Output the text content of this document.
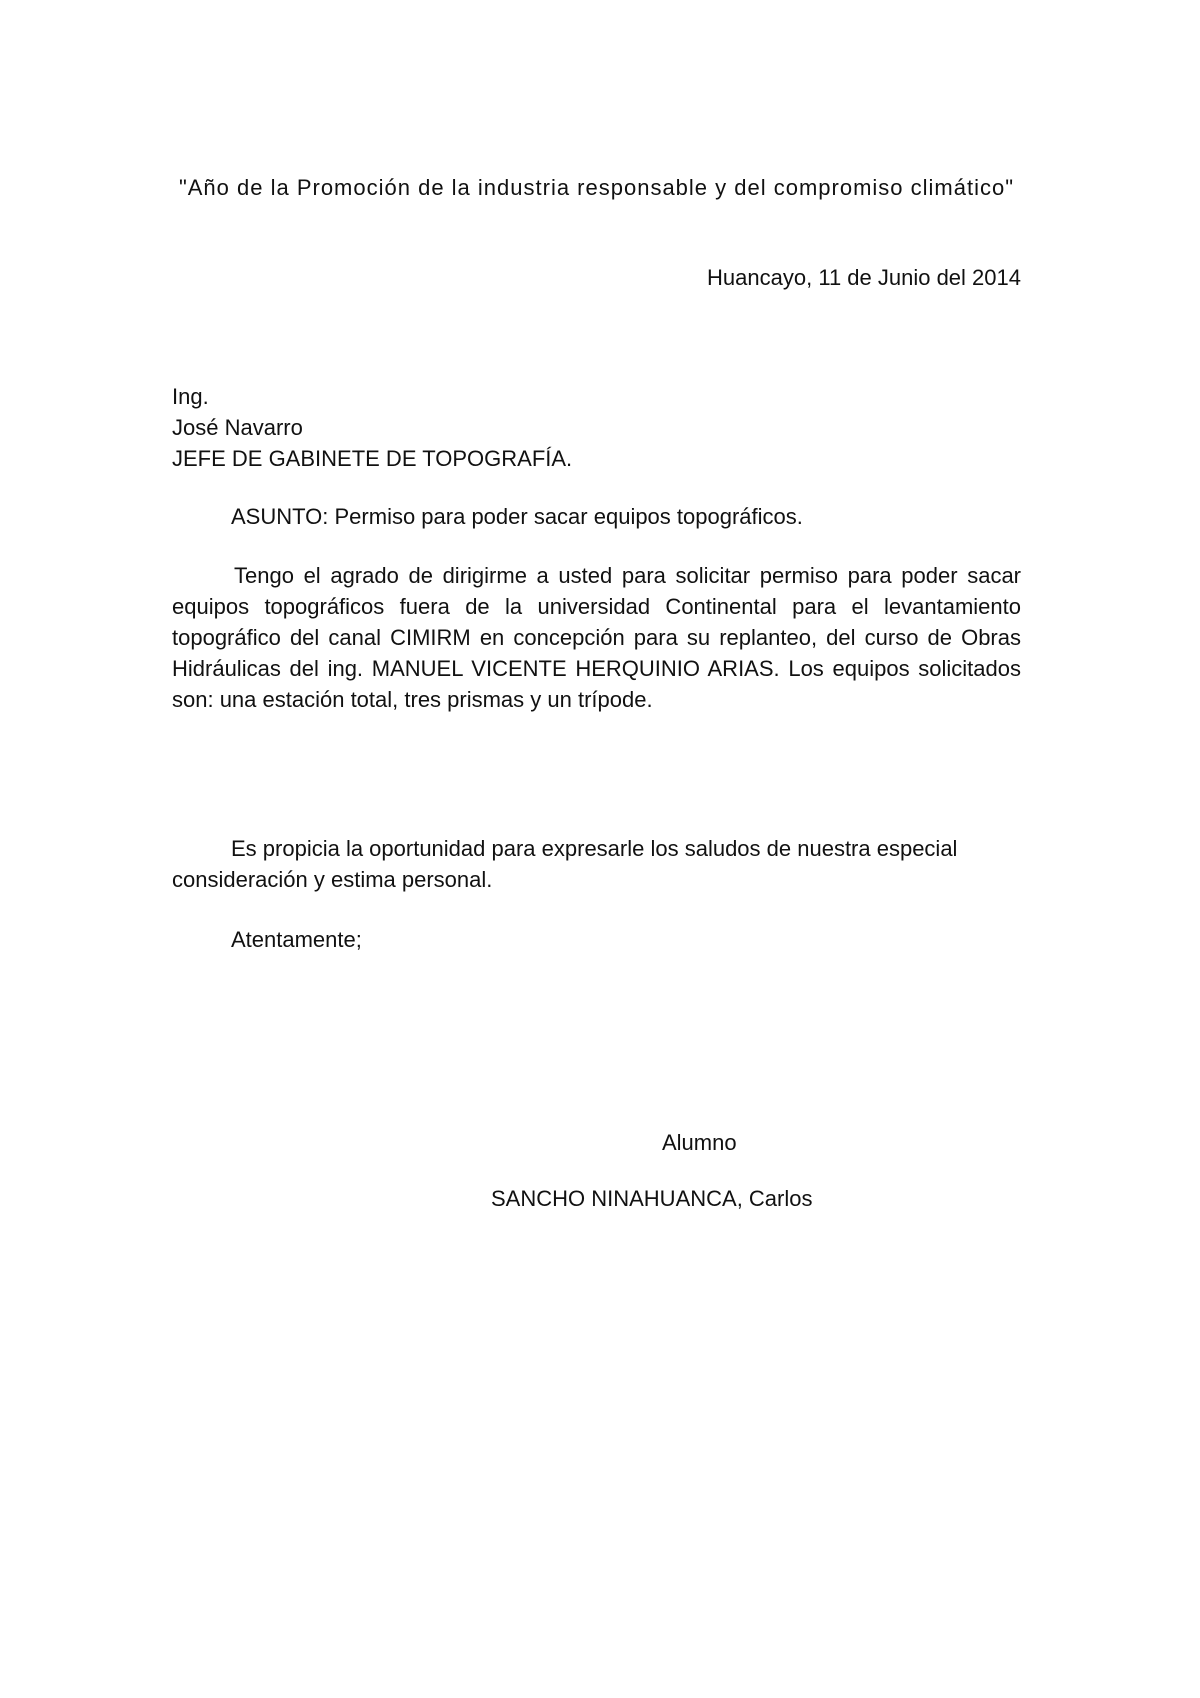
"Año de la Promoción de la industria responsable y del compromiso climático"

Huancayo, 11 de Junio del 2014

Ing.
José Navarro
JEFE DE GABINETE DE TOPOGRAFÍA.

ASUNTO: Permiso para poder sacar equipos topográficos.

Tengo el agrado de dirigirme a usted para solicitar permiso para poder sacar equipos topográficos fuera de la universidad Continental para el levantamiento topográfico del canal CIMIRM en concepción para su replanteo, del curso de Obras Hidráulicas del ing. MANUEL VICENTE HERQUINIO ARIAS. Los equipos solicitados son: una estación total, tres prismas y un trípode.

Es propicia la oportunidad para expresarle los saludos de nuestra especial consideración y estima personal.

Atentamente;

Alumno

SANCHO NINAHUANCA, Carlos
